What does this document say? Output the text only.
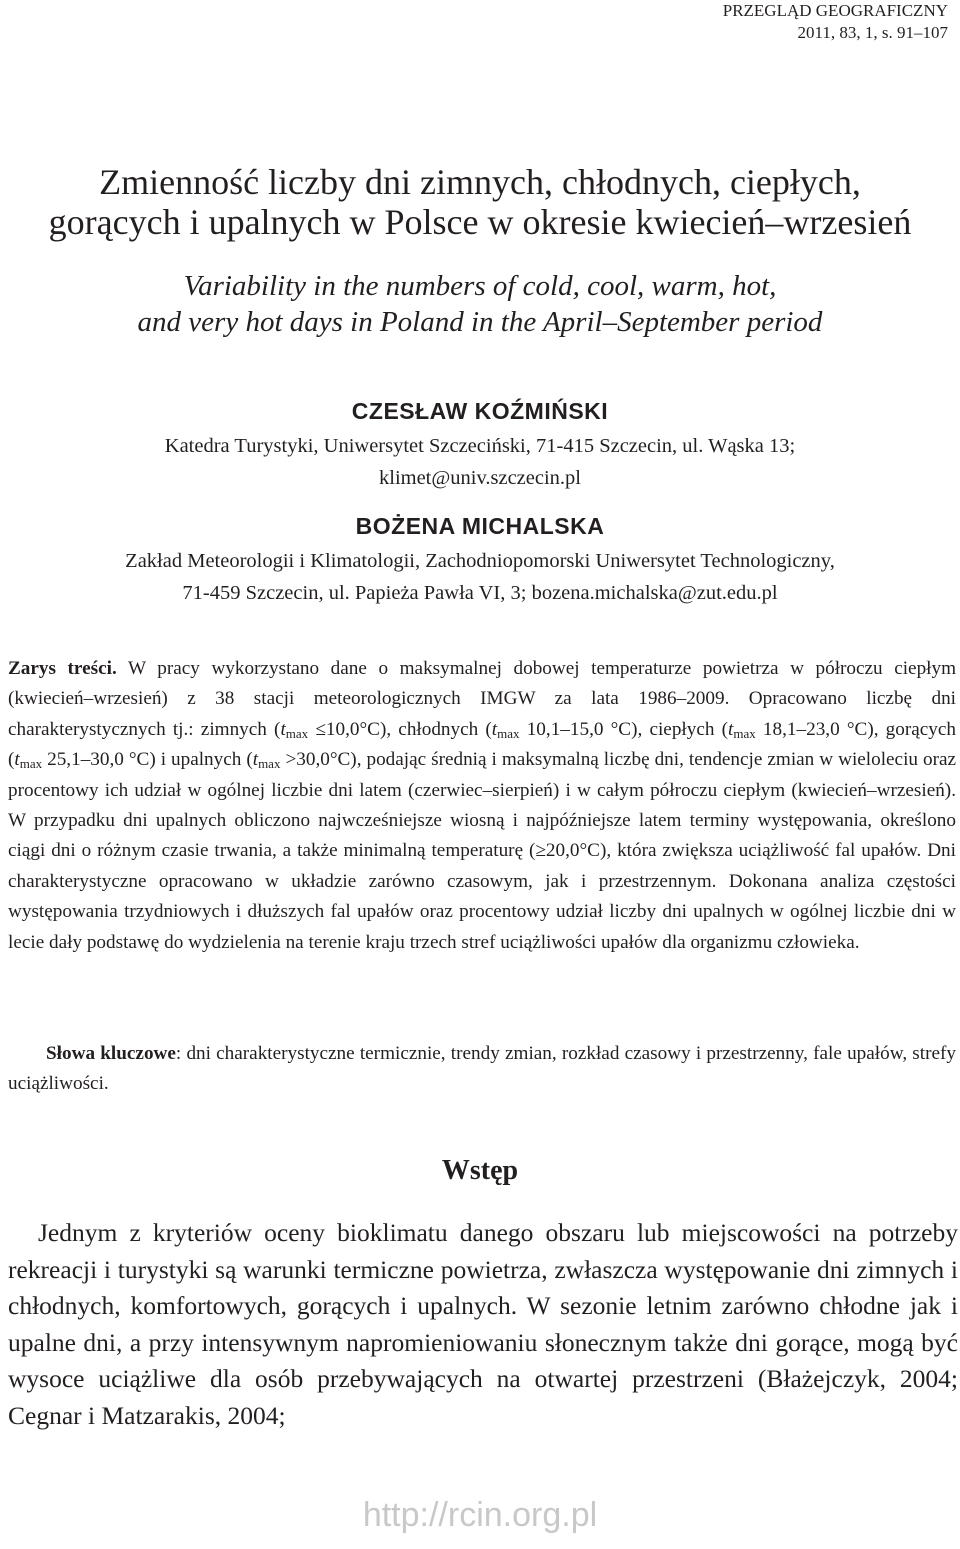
PRZEGLĄD GEOGRAFICZNY
2011, 83, 1, s. 91–107
Zmienność liczby dni zimnych, chłodnych, ciepłych,
gorących i upalnych w Polsce w okresie kwiecień–wrzesień
Variability in the numbers of cold, cool, warm, hot,
and very hot days in Poland in the April–September period
CZESŁAW KOŹMIŃSKI
Katedra Turystyki, Uniwersytet Szczeciński, 71-415 Szczecin, ul. Wąska 13;
klimet@univ.szczecin.pl
BOŻENA MICHALSKA
Zakład Meteorologii i Klimatologii, Zachodniopomorski Uniwersytet Technologiczny,
71-459 Szczecin, ul. Papieża Pawła VI, 3; bozena.michalska@zut.edu.pl

Zarys treści. W pracy wykorzystano dane o maksymalnej dobowej temperaturze powietrza w półroczu ciepłym (kwiecień–wrzesień) z 38 stacji meteorologicznych IMGW za lata 1986–2009. Opracowano liczbę dni charakterystycznych tj.: zimnych $(t_{max} \le 10,0^\circ C)$, chłodnych ($t_{max}$ 10,1–15,0 °C), ciepłych ($t_{max}$ 18,1–23,0 °C), gorących ($t_{max}$ 25,1–30,0 °C) i upalnych $(t_{max} >30,0^\circ C)$, podając średnią i maksymalną liczbę dni, tendencje zmian w wieloleciu oraz procentowy ich udział w ogólnej liczbie dni latem (czerwiec–sierpień) i w całym półroczu ciepłym (kwiecień–wrzesień). W przypadku dni upalnych obliczono najwcześniejsze wiosną i najpóźniejsze latem terminy występowania, określono ciągi dni o różnym czasie trwania, a także minimalną temperaturę (≥20,0°C), która zwiększa uciążliwość fal upałów. Dni charakterystyczne opracowano w układzie zarówno czasowym, jak i przestrzennym. Dokonana analiza częstości występowania trzydniowych i dłuższych fal upałów oraz procentowy udział liczby dni upalnych w ogólnej liczbie dni w lecie dały podstawę do wydzielenia na terenie kraju trzech stref uciążliwości upałów dla organizmu człowieka.

Słowa kluczowe: dni charakterystyczne termicznie, trendy zmian, rozkład czasowy i przestrzenny, fale upałów, strefy uciążliwości.

Wstęp

Jednym z kryteriów oceny bioklimatu danego obszaru lub miejscowości na potrzeby rekreacji i turystyki są warunki termiczne powietrza, zwłaszcza występowanie dni zimnych i chłodnych, komfortowych, gorących i upalnych. W sezonie letnim zarówno chłodne jak i upalne dni, a przy intensywnym napromieniowaniu słonecznym także dni gorące, mogą być wysoce uciążliwe dla osób przebywających na otwartej przestrzeni (Błażejczyk, 2004; Cegnar i Matzarakis, 2004;

http://rcin.org.pl
